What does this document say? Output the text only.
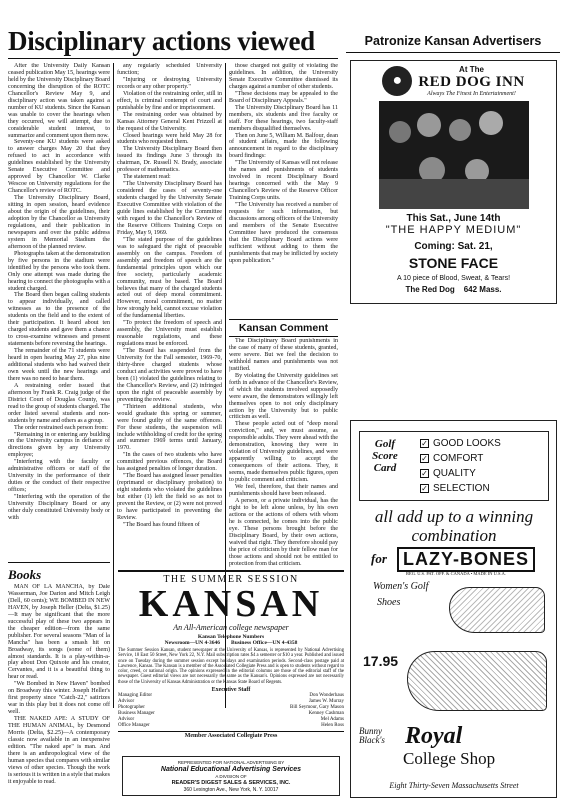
Disciplinary actions viewed	Patronize Kansan Advertisers

After the University Daily Kansan ceased publication May 15, hearings were held by the University Disciplinary Board concerning the disruption of the ROTC Chancellor's Review May 9, and disciplinary action was taken against a number of KU students. Since the Kansan was unable to cover the hearings when they occurred, we will attempt, due to considerable student interest, to summarize and comment upon them now.

Seventy-one KU students were asked to answer charges May 20 that they refused to act in accordance with guidelines established by the University Senate Executive Committee and approved by Chancellor W. Clarke Wescoe on University regulations for the Chancellor's review of ROTC.

The University Disciplinary Board, sitting in open session, heard evidence about the origin of the guidelines, their adoption by the Chancellor as University regulations, and their publication in newspapers and over the public address system in Memorial Stadium the afternoon of the planned review.

Photographs taken at the demonstration by five persons in the stadium were identified by the persons who took them. Only one attempt was made during the hearing to connect the photographs with a student charged.

The Board then began calling students to appear individually, and called witnesses as to the presence of the students on the field and to the extent of their participation. It heard about ten charged students and gave them a chance to cross-examine witnesses and present statements before reversing the hearings.

The remainder of the 71 students were heard in open hearing May 27, plus nine additional students who had waived their own week until the new hearings and there was no need to hear them.

A restraining order issued that afternoon by Frank R. Craig judge of the District Court of Douglas County, was read to the group of students charged. The order listed several students and non-students by name and others as a group.

The order restrained each person from:

"Remaining in or entering any building on the University campus in defiance of directions given by any University employee;

"Interfering with the faculty or administrative officers or staff of the University in the performance of their duties or the conduct of their respective offices;

"Interfering with the operation of the University Disciplinary Board or any other duly constituted University body or with

Books

MAN OF LA MANCHA, by Dale Wasserman, Joe Darion and Mitch Leigh (Dell, 60 cents); WE BOMBED IN NEW HAVEN, by Joseph Heller (Delta, $1.25) —It may be significant that the more successful play of these two appears in the cheaper edition—from the same publisher. For several seasons "Man of la Mancha" has been a smash hit on Broadway, its songs (some of them) almost standards. It is a play-within-a-play about Don Quixote and his creator, Cervantes, and it is a beautiful thing to hear or read.

"We Bombed in New Haven" bombed on Broadway this winter. Joseph Heller's first property since "Catch-22," satirizes war in this play but it does not come off well.

THE NAKED APE: A STUDY OF THE HUMAN ANIMAL, by Desmond Morris (Delta, $2.25)—A contemporary classic now available in an inexpensive edition. "The naked ape" is man. And there is an anthropological view of the human species that compares with similar views of other species. Though the work is serious it is written in a style that makes it enjoyable to read.

any regularly scheduled University function;

"Injuring or destroying University records or any other property."

Violation of the restraining order, still in effect, is criminal contempt of court and punishable by fine and or imprisonment.

The restraining order was obtained by Kansas Attorney General Kent Frizzell at the request of the University.

Closed hearings were held May 28 for students who requested them.

The University Disciplinary Board then issued its findings June 3 through its chairman, Dr. Russell N. Brady, associate professor of mathematics.

The statement read:

"The University Disciplinary Board has considered the cases of seventy-one students charged by the University Senate Executive Committee with violation of the guide lines established by the Committee with regard to the Chancellor's Review of the Reserve Officers Training Corps on Friday, May 9, 1969.

"The stated purpose of the guidelines was to safeguard the right of peaceable assembly on the campus. Freedom of assembly and freedom of speech are the fundamental principles upon which our free society, particularly academic community, must be based. The Board believes that many of the charged students acted out of deep moral commitment. However, moral commitment, no matter how strongly held, cannot excuse violation of the fundamental liberties.

"To protect the freedom of speech and assembly, the University must establish reasonable regulations, and these regulations must be enforced.

"The Board has suspended from the University for the Fall semester, 1969-70, thirty-three charged students whose conduct and activities were proved to have been (1) violated the guidelines relating to the Chancellor's Review, and (2) infringed upon the right of peaceable assembly by preventing the review.

"Thirteen additional students, who would graduate this spring or summer, were found guilty of the same offences. For these students, the suspension will include withholding of credit for the spring and summer 1969 terms until January, 1970.

"In the cases of two students who have committed previous offences, the Board has assigned penalties of longer duration.

"The Board has assigned lesser penalties (reprimand or disciplinary probation) to eight students who violated the guidelines but either (1) left the field so as not to prevent the Review, or (2) were not proved to have participated in preventing the Review.

"The Board has found fifteen of

those charged not guilty of violating the guidelines. In addition, the University Senate Executive Committee dismissed its charges against a number of other students.

"These decisions may be appealed to the Board of Disciplinary Appeals."

The University Disciplinary Board has 11 members, six students and five faculty or staff. For these hearings, two faculty-staff members disqualified themselves.

Then on June 5, William M. Balfour, dean of student affairs, made the following announcement in regard to the disciplinary board findings:

"The University of Kansas will not release the names and punishments of students involved in recent Disciplinary Board hearings concerned with the May 9 Chancellor's Review of the Reserve Officer Training Corps units.

"The University has received a number of requests for such information, but discussions among officers of the University and members of the Senate Executive Committee have produced the consensus that the Disciplinary Board actions were sufficient without adding to them the punishments that may be inflicted by society upon publication."

Kansan Comment

The Disciplinary Board punishments in the case of many of these students, granted, were severe. But we feel the decision to withhold names and punishments was not justified.

By violating the University guidelines set forth in advance of the Chancellor's Review, of which the students involved supposedly were aware, the demonstrators willingly left themselves open to not only disciplinary action by the University but to public criticism as well.

These people acted out of "deep moral conviction," and, we must assume, as responsible adults. They were ahead with the demonstration, knowing they were in violation of University guidelines, and were apparently willing to accept the consequences of their actions. They, it seems, made themselves public figures, open to public comment and criticism.

We feel, therefore, that their names and punishments should have been released.

A person, or a private individual, has the right to be left alone unless, by his own actions or the actions of others with whom he is connected, he comes into the public eye. These persons brought before the Disciplinary Board, by their own actions, waived that right. They therefore should pay the price of criticism by their fellow man for those actions and should not be entitled to protection from that criticism.

●
At The
RED DOG INN
Always The Finest In Entertainment!
This Sat., June 14th
"THE HAPPY MEDIUM"
Coming: Sat. 21,
STONE FACE
A 10 piece of Blood, Sweat, & Tears!
The Red Dog    642 Mass.
Golf
Score
Card
✓ GOOD LOOKS
✓ COMFORT
✓ QUALITY
✓ SELECTION
all add up to a winning combination
for LAZY-BONES
REG. U.S. PAT. OFF. & CANADA • MADE IN U.S.A.
Women's Golf
Shoes
17.95
Bunny Black's Royal
College Shop
Eight Thirty-Seven Massachusetts Street
THE SUMMER SESSION
KANSAN
An All-American college newspaper
Kansan Telephone Numbers
Newsroom—UN 4-3646        Business Office—UN 4-4358
The Summer Session Kansan, student newspaper at the University of Kansas, is represented by National Advertising Service, 18 East 50 Street, New York 22, N.Y. Mail subscription rates $4 a semester or $10 a year. Published and issued once on Tuesday during the summer session except holidays and examination periods. Second-class postage paid at Lawrence, Kansas. The Kansan is a member of the Associated Collegiate Press and is open to students without regard to color, creed, or national origin. The opinions expressed in the editorial columns are those of the editorial staff of the newspaper. Guest editorial views are not necessarily the same as the Kansan's. Opinions expressed are not necessarily those of the University of Kansas Administration or the Kansas State Board of Regents.
Executive Staff
Managing Editor	Don Wonderhaus
Advisor	James W. Murray
Photographer	Bill Seymour, Gary Mason
Business Manager	Kenney Cashman
Advisor	Mel Adams
Office Manager	Helen Ross
Member Associated Collegiate Press
REPRESENTED FOR NATIONAL ADVERTISING BY
National Educational Advertising Services
A DIVISION OF
READER'S DIGEST SALES & SERVICES, INC.
360 Lexington Ave., New York, N. Y. 10017
